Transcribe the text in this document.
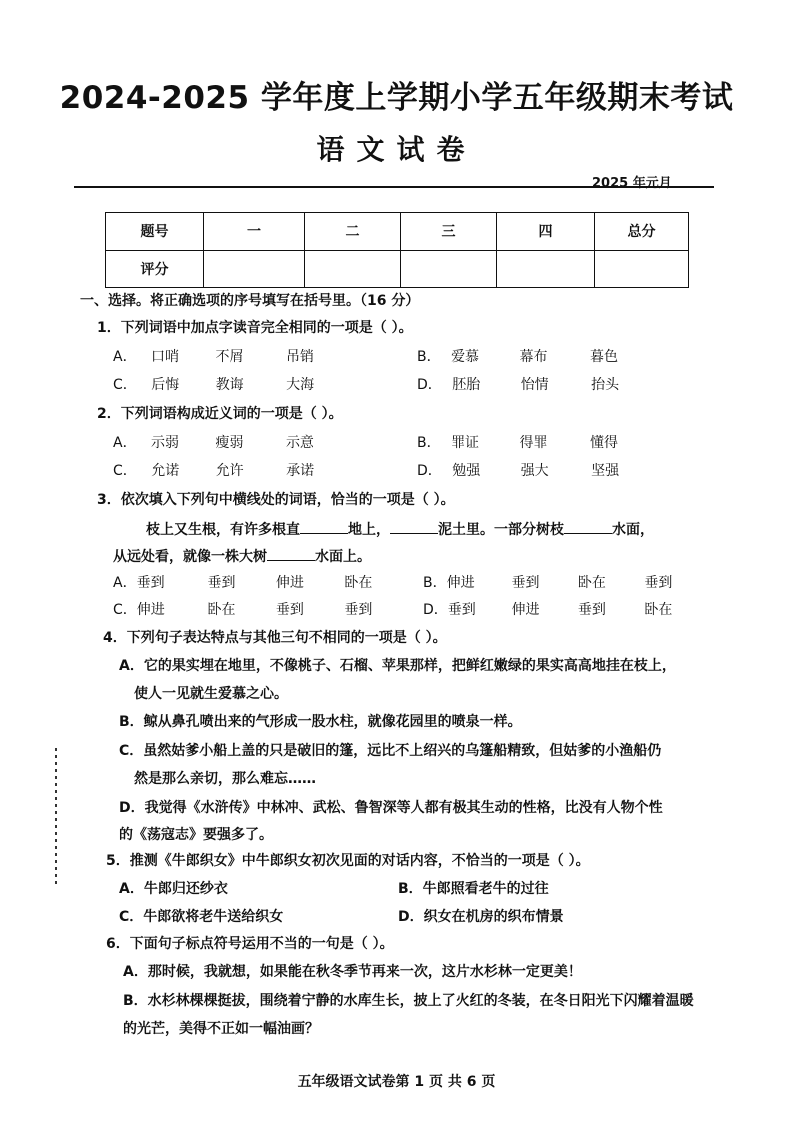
2024-2025 学年度上学期小学五年级期末考试
语文试卷
2025 年元月
题号	一	二	三	四	总分
评分					
一、选择。将正确选项的序号填写在括号里。（16 分）
1．下列词语中加点字读音完全相同的一项是（ ）。
A． 口哨	不屑	吊销	B． 爱慕	幕布	暮色
C． 后悔	教诲	大海	D． 胚胎	怡情	抬头
2．下列词语构成近义词的一项是（ ）。
A． 示弱	瘦弱	示意	B． 罪证	得罪	懂得
C． 允诺	允许	承诺	D． 勉强	强大	坚强
3．依次填入下列句中横线处的词语，恰当的一项是（ ）。
枝上又生根，有许多根直	地上，	泥土里。一部分树枝	水面，
从远处看，就像一株大树	水面上。
A．垂到	垂到	伸进	卧在	B．伸进	垂到	卧在	垂到
C．伸进	卧在	垂到	垂到	D．垂到	伸进	垂到	卧在
4．下列句子表达特点与其他三句不相同的一项是（ ）。
A．它的果实埋在地里，不像桃子、石榴、苹果那样，把鲜红嫩绿的果实高高地挂在枝上，
使人一见就生爱慕之心。
B．鲸从鼻孔喷出来的气形成一股水柱，就像花园里的喷泉一样。
C．虽然姑爹小船上盖的只是破旧的篷，远比不上绍兴的乌篷船精致，但姑爹的小渔船仍
然是那么亲切，那么难忘……
D．我觉得《水浒传》中林冲、武松、鲁智深等人都有极其生动的性格，比没有人物个性
的《荡寇志》要强多了。
5．推测《牛郎织女》中牛郎织女初次见面的对话内容，不恰当的一项是（ ）。
A．牛郎归还纱衣	B．牛郎照看老牛的过往
C．牛郎欲将老牛送给织女	D．织女在机房的织布情景
6．下面句子标点符号运用不当的一句是（ ）。
A．那时候，我就想，如果能在秋冬季节再来一次，这片水杉林一定更美！
B．水杉林棵棵挺拔，围绕着宁静的水库生长，披上了火红的冬装，在冬日阳光下闪耀着温暖
的光芒，美得不正如一幅油画？
五年级语文试卷第 1 页 共 6 页
